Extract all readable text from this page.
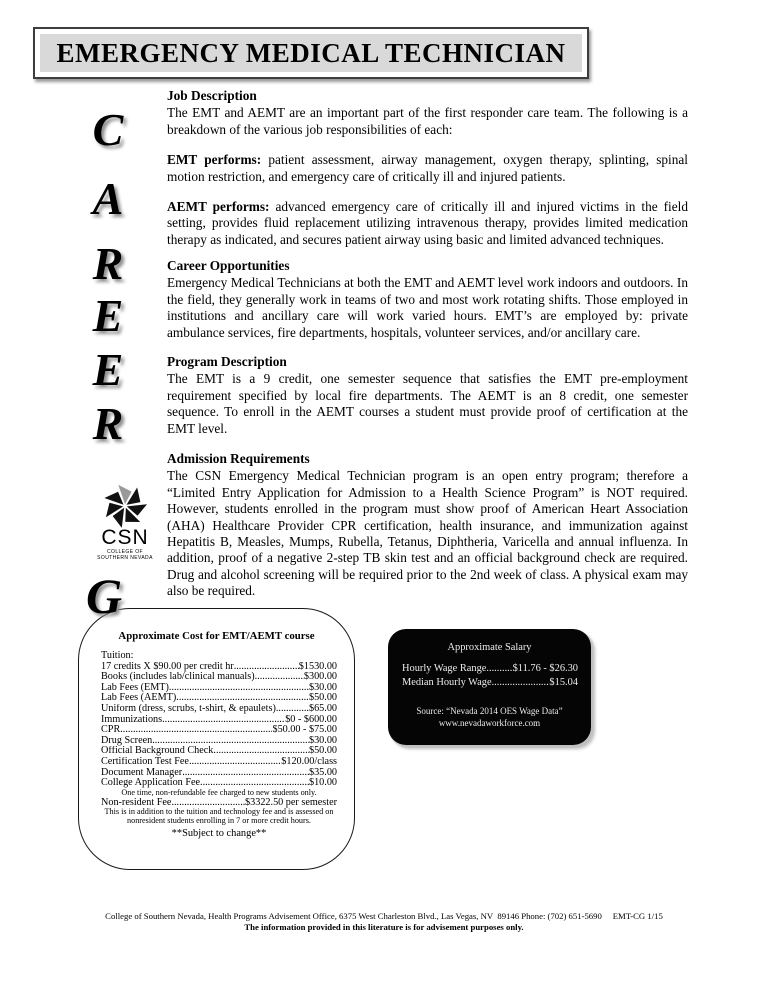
EMERGENCY MEDICAL TECHNICIAN
C
A
R
E
E
R
G
CSN
COLLEGE OF
SOUTHERN NEVADA
Job Description

The EMT and AEMT are an important part of the first responder care team. The following is a breakdown of the various job responsibilities of each:

EMT performs: patient assessment, airway management, oxygen therapy, splinting, spinal motion restriction, and emergency care of critically ill and injured patients.

AEMT performs: advanced emergency care of critically ill and injured victims in the field setting, provides fluid replacement utilizing intravenous therapy, provides limited medication therapy as indicated, and secures patient airway using basic and limited advanced techniques.

Career Opportunities

Emergency Medical Technicians at both the EMT and AEMT level work indoors and outdoors. In the field, they generally work in teams of two and most work rotating shifts. Those employed in institutions and ancillary care will work varied hours. EMT’s are employed by: private ambulance services, fire departments, hospitals, volunteer services, and/or ancillary care.

Program Description

The EMT is a 9 credit, one semester sequence that satisfies the EMT pre-employment requirement specified by local fire departments. The AEMT is an 8 credit, one semester sequence. To enroll in the AEMT courses a student must provide proof of certification at the EMT level.

Admission Requirements

The CSN Emergency Medical Technician program is an open entry program; therefore a “Limited Entry Application for Admission to a Health Science Program” is NOT required. However, students enrolled in the program must show proof of American Heart Association (AHA) Healthcare Provider CPR certification, health insurance, and immunization against Hepatitis B, Measles, Mumps, Rubella, Tetanus, Diphtheria, Varicella and annual influenza. In addition, proof of a negative 2-step TB skin test and an official background check are required. Drug and alcohol screening will be required prior to the 2nd week of class. A physical exam may also be required.

Approximate Cost for EMT/AEMT course
Tuition:
17 credits X $90.00 per credit hr .....	$1530.00
Books (includes lab/clinical manuals) .....	$300.00
Lab Fees (EMT) .....	$30.00
Lab Fees (AEMT) .....	$50.00
Uniform (dress, scrubs, t-shirt, & epaulets) .....	$65.00
Immunizations .....	$0 - $600.00
CPR..... .....	$50.00 - $75.00
Drug Screen .....	$30.00
Official Background Check .....	$50.00
Certification Test Fee .....	$120.00/class
Document Manager .....	$35.00
College Application Fee .....	$10.00
One time, non-refundable fee charged to new students only.
Non-resident Fee .....	$3322.50 per semester
This is in addition to the tuition and technology fee and is assessed on nonresident students enrolling in 7 or more credit hours.
**Subject to change**
Approximate Salary
Hourly Wage Range .....	$11.76 - $26.30
Median Hourly Wage .....	$15.04
Source: “Nevada 2014 OES Wage Data”
www.nevadaworkforce.com
College of Southern Nevada, Health Programs Advisement Office, 6375 West Charleston Blvd., Las Vegas, NV  89146 Phone: (702) 651-5690     EMT-CG 1/15
The information provided in this literature is for advisement purposes only.
